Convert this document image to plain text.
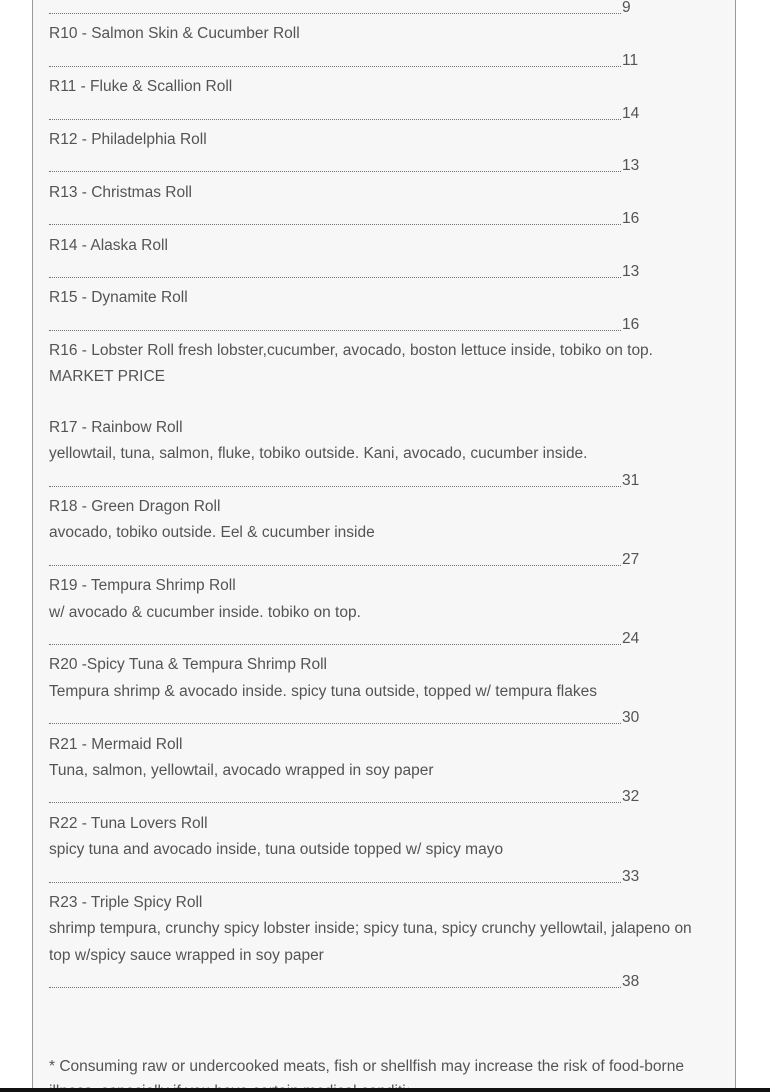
9
R10 - Salmon Skin & Cucumber Roll
11
R11 - Fluke & Scallion Roll
14
R12 - Philadelphia Roll
13
R13 - Christmas Roll
16
R14 - Alaska Roll
13
R15 - Dynamite Roll
16
R16 - Lobster Roll fresh lobster,cucumber, avocado, boston lettuce inside, tobiko on top.
MARKET PRICE
R17 - Rainbow Roll
yellowtail, tuna, salmon, fluke, tobiko outside. Kani, avocado, cucumber inside.
31
R18 - Green Dragon Roll
avocado, tobiko outside. Eel & cucumber inside
27
R19 - Tempura Shrimp Roll
w/ avocado & cucumber inside. tobiko on top.
24
R20 -Spicy Tuna & Tempura Shrimp Roll
Tempura shrimp & avocado inside. spicy tuna outside, topped w/ tempura flakes
30
R21 - Mermaid Roll
Tuna, salmon, yellowtail, avocado wrapped in soy paper
32
R22 - Tuna Lovers Roll
spicy tuna and avocado inside, tuna outside topped w/ spicy mayo
33
R23 - Triple Spicy Roll
shrimp tempura, crunchy spicy lobster inside; spicy tuna, spicy crunchy yellowtail, jalapeno on
top w/spicy sauce wrapped in soy paper
38
* Consuming raw or undercooked meats, fish or shellfish may increase the risk of food-borne
